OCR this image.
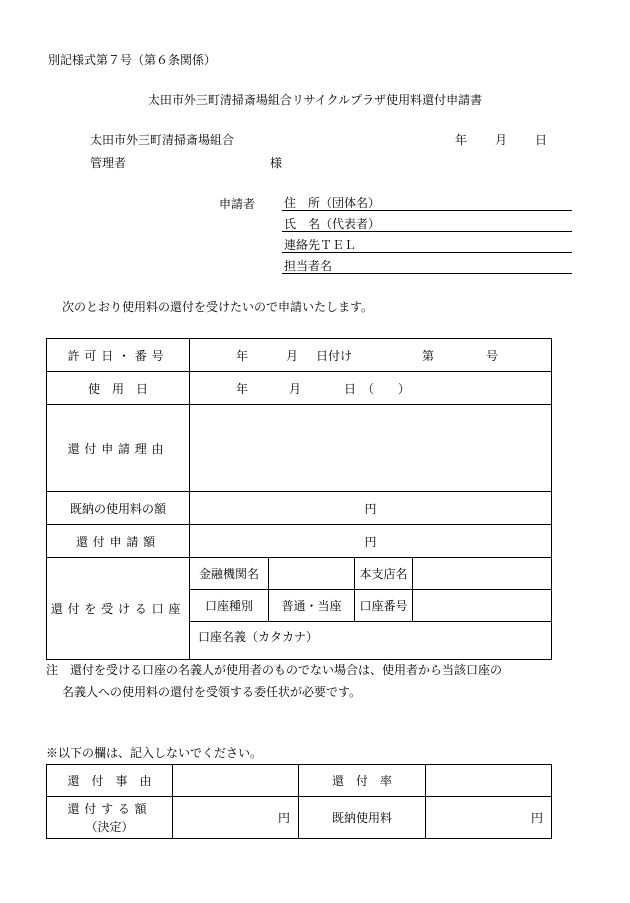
別記様式第７号（第６条関係）
太田市外三町清掃斎場組合リサイクルプラザ使用料還付申請書
太田市外三町清掃斎場組合
管理者	様
年 月 日
申請者 住　所（団体名）
氏　名（代表者）
連絡先ＴＥＬ
担当者名
次のとおり使用料の還付を受けたいので申請いたします。
許可日・番号	年 月 日付け 第 号			

使　用　日	年 月 日　（　　）			

還付申請理由				
既納の使用料の額	円			
還付申請額	円			
還付を受ける口座	金融機関名		本支店名	
	口座種別	普通・当座	口座番号	
	口座名義（カタカナ）			
注　還付を受ける口座の名義人が使用者のものでない場合は、使用者から当該口座の
名義人への使用料の還付を受領する委任状が必要です。
※以下の欄は、記入しないでください。
還　付　事　由		還　付　率	

還付する額
（決定）	円	既納使用料	円
